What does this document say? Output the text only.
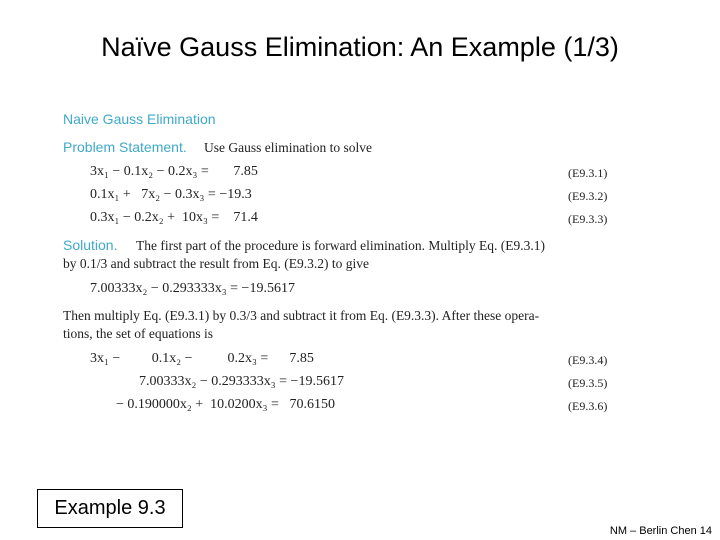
Naïve Gauss Elimination: An Example (1/3)
Naive Gauss Elimination
Problem Statement. Use Gauss elimination to solve
3x₁ − 0.1x₂ − 0.2x₃ =       7.85	(E9.3.1)
0.1x₁ +   7x₂ − 0.3x₃ = −19.3	(E9.3.2)
0.3x₁ − 0.2x₂ +  10x₃ =    71.4	(E9.3.3)
Solution. The first part of the procedure is forward elimination. Multiply Eq. (E9.3.1)
by 0.1/3 and subtract the result from Eq. (E9.3.2) to give
7.00333x₂ − 0.293333x₃ = −19.5617
Then multiply Eq. (E9.3.1) by 0.3/3 and subtract it from Eq. (E9.3.3). After these opera-
tions, the set of equations is
3x₁ −         0.1x₂ −          0.2x₃ =      7.85	(E9.3.4)
7.00333x₂ − 0.293333x₃ = −19.5617	(E9.3.5)
− 0.190000x₂ +  10.0200x₃ =   70.6150	(E9.3.6)
Example 9.3
NM – Berlin Chen 14
